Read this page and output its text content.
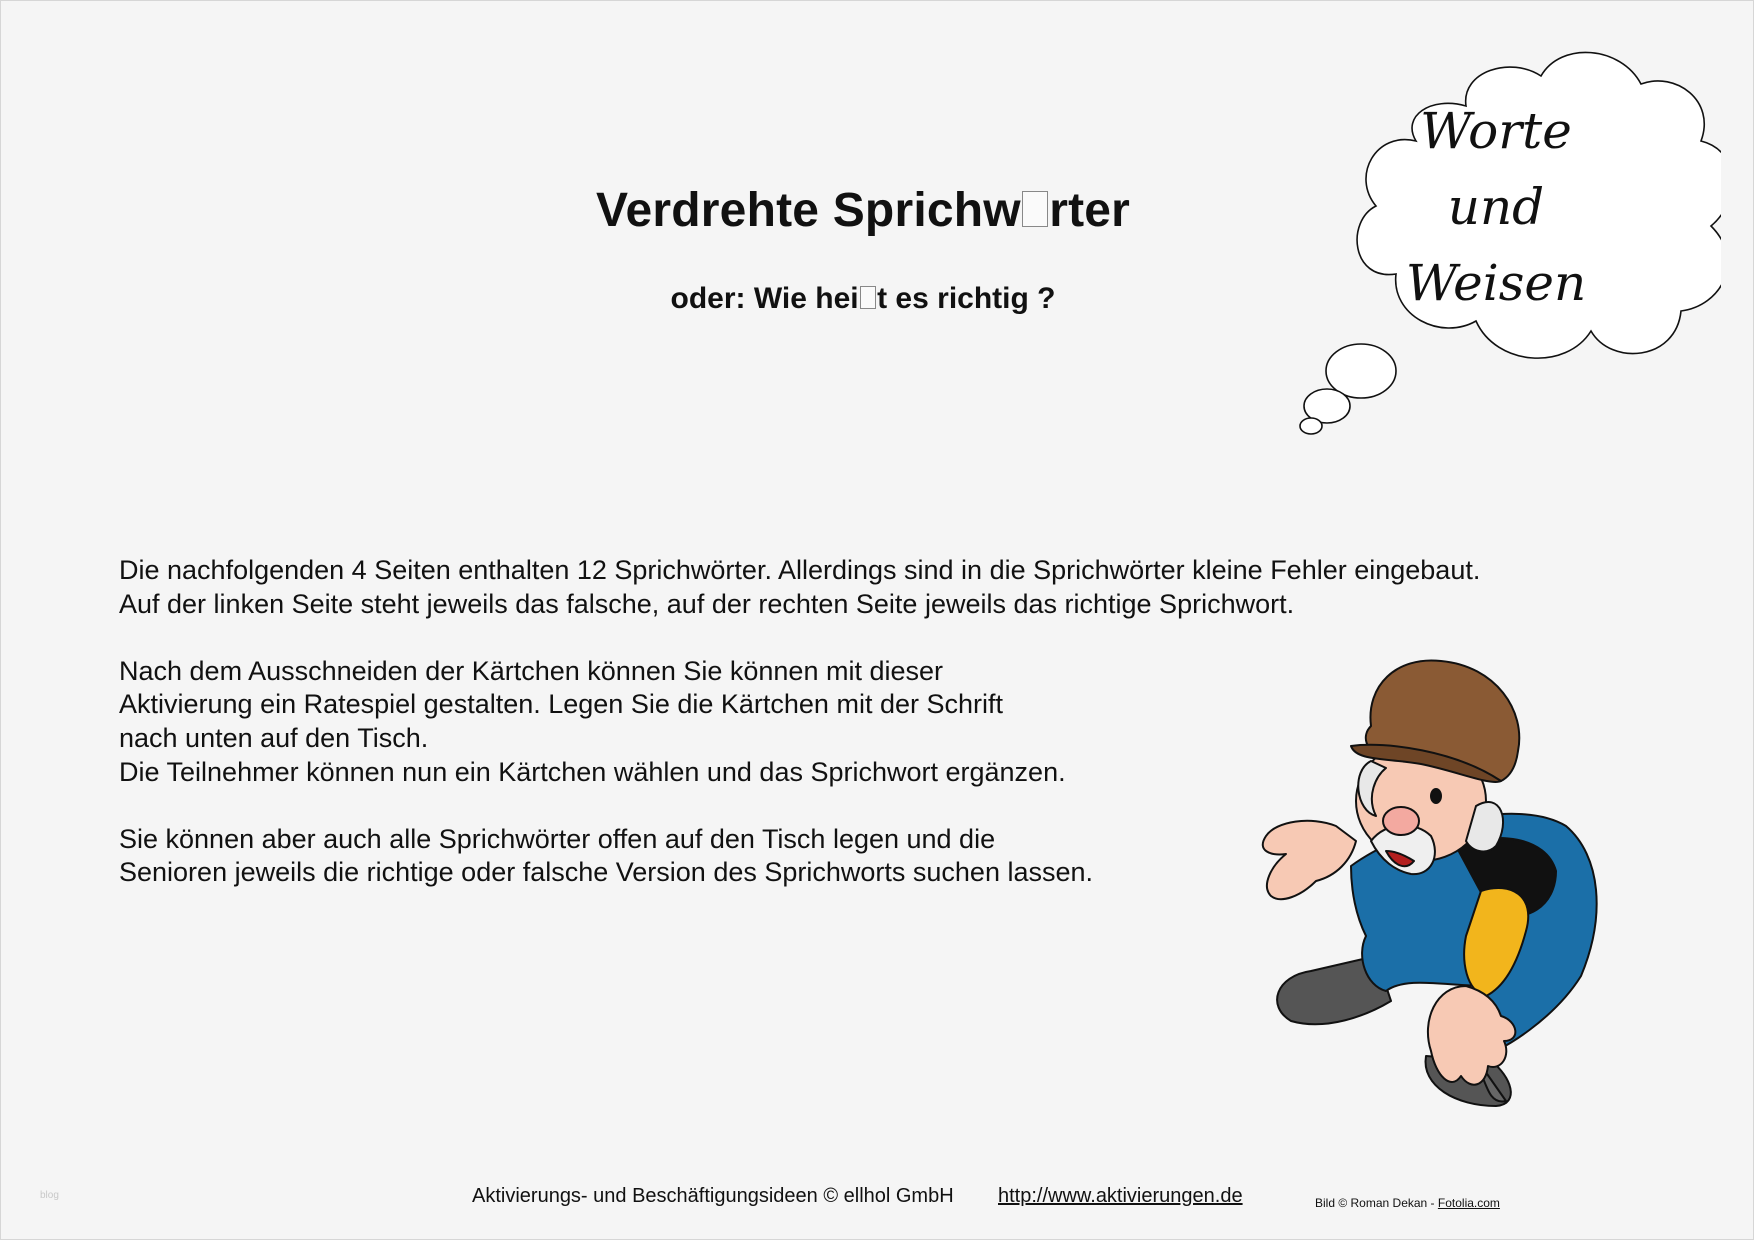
Verdrehte Sprichw rter
oder: Wie hei t es richtig ?
Worte
und
Weisen
Die nachfolgenden 4 Seiten enthalten 12 Sprichwörter. Allerdings sind in die Sprichwörter kleine Fehler eingebaut.
Auf der linken Seite steht jeweils das falsche, auf der rechten Seite jeweils das richtige Sprichwort.
Nach dem Ausschneiden der Kärtchen können Sie können mit dieser
Aktivierung ein Ratespiel gestalten. Legen Sie die Kärtchen mit der Schrift
nach unten auf den Tisch.
Die Teilnehmer können nun ein Kärtchen wählen und das Sprichwort ergänzen.
Sie können aber auch alle Sprichwörter offen auf den Tisch legen und die
Senioren jeweils die richtige oder falsche Version des Sprichworts suchen lassen.
Aktivierungs- und Beschäftigungsideen © ellhol GmbH http://www.aktivierungen.de	Bild © Roman Dekan - Fotolia.com
blog
